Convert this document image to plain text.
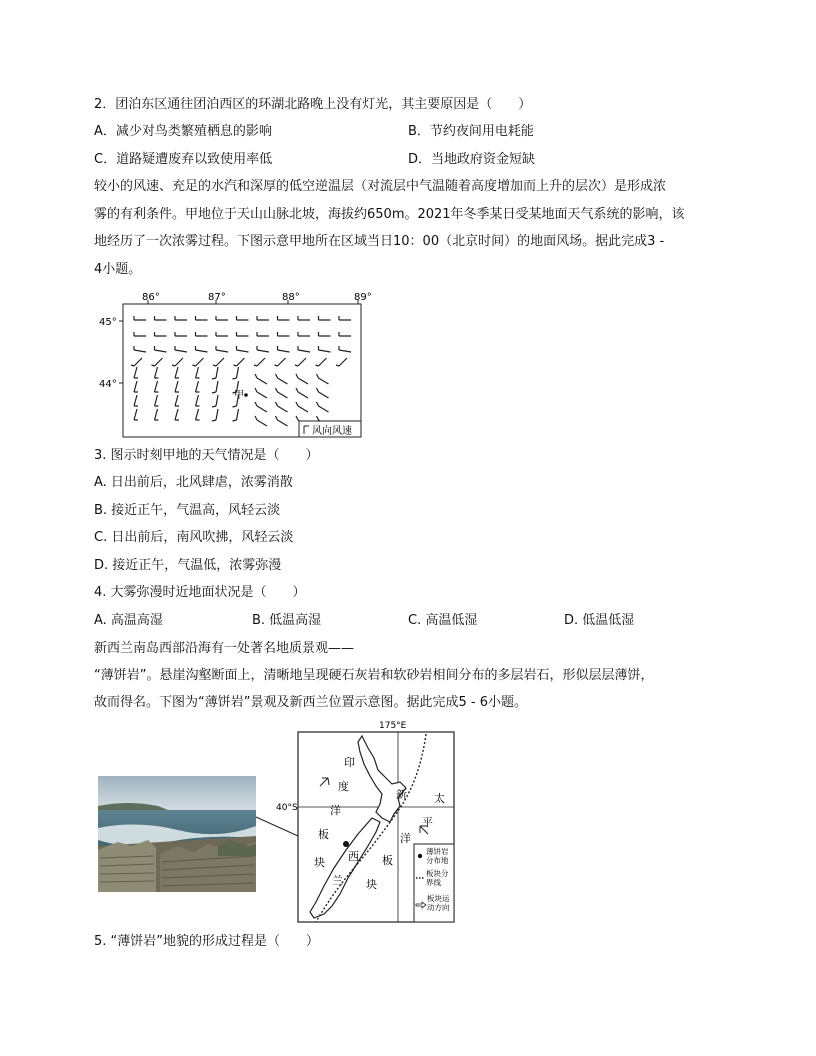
2．团泊东区通往团泊西区的环湖北路晚上没有灯光，其主要原因是（　　）
A．减少对鸟类繁殖栖息的影响	B．节约夜间用电耗能
C．道路疑遭废弃以致使用率低	D．当地政府资金短缺
较小的风速、充足的水汽和深厚的低空逆温层（对流层中气温随着高度增加而上升的层次）是形成浓
雾的有利条件。甲地位于天山山脉北坡，海拔约650m。2021年冬季某日受某地面天气系统的影响，该
地经历了一次浓雾过程。下图示意甲地所在区域当日10：00（北京时间）的地面风场。据此完成3 -
4小题。
86°	87°	88°	89°
45°
44°
甲
风向风速
3. 图示时刻甲地的天气情况是（　　）
A. 日出前后，北风肆虐，浓雾消散
B. 接近正午，气温高，风轻云淡
C. 日出前后，南风吹拂，风轻云淡
D. 接近正午，气温低，浓雾弥漫
4. 大雾弥漫时近地面状况是（　　）
A. 高温高湿	B. 低温高湿	C. 高温低湿	D. 低温低湿
新西兰南岛西部沿海有一处著名地质景观——
“薄饼岩”。悬崖沟壑断面上，清晰地呈现硬石灰岩和软砂岩相间分布的多层岩石，形似层层薄饼，
故而得名。下图为“薄饼岩”景观及新西兰位置示意图。据此完成5 - 6小题。
175°E
40°S
印
度
洋
板
块
太
平
洋
板
块
新
西
兰
薄饼岩
分布地
板块分
界线
板块运
动方向
5. “薄饼岩”地貌的形成过程是（　　）
